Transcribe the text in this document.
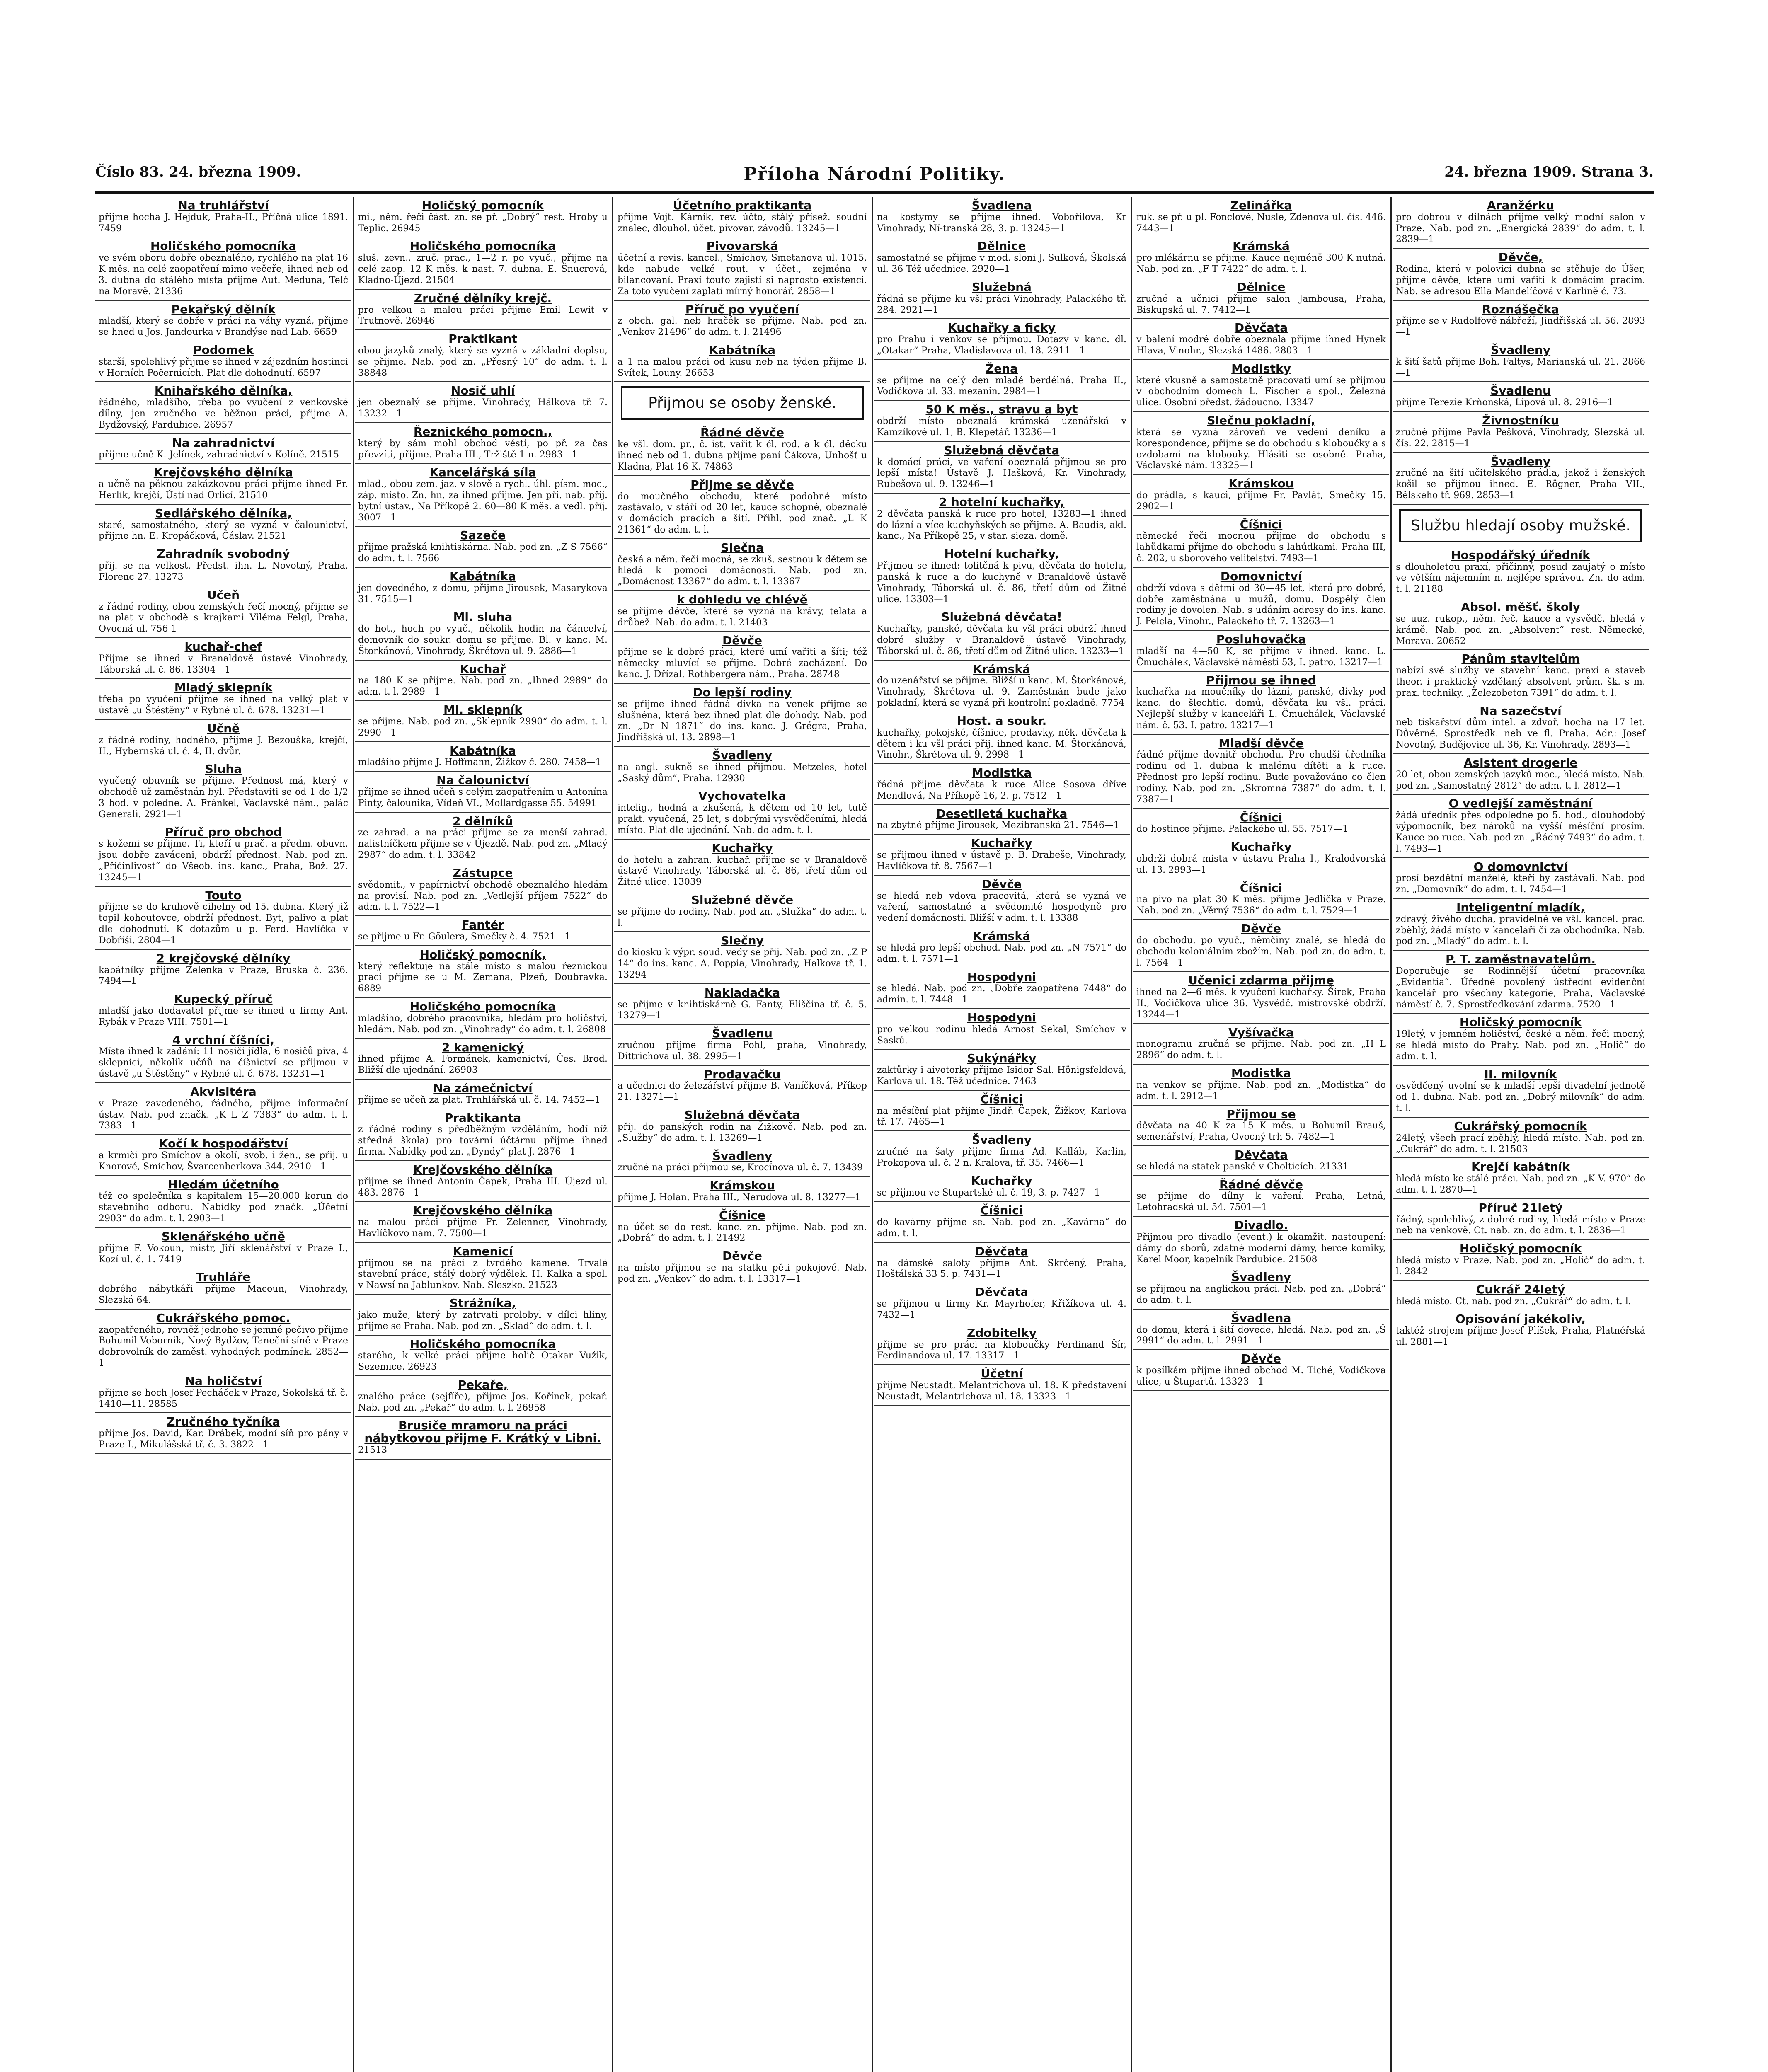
Číslo 83. 24. března 1909.	Příloha Národní Politiky.	24. března 1909. Strana 3.
Na truhlářství
přijme hocha J. Hejduk, Praha-II., Příčná ulice 1891. 7459
Holičského pomocníka
ve svém oboru dobře obeznalého, rychlého na plat 16 K měs. na celé zaopatření mimo večeře, ihned neb od 3. dubna do stálého místa přijme Aut. Meduna, Telč na Moravě. 21336
Pekařský dělník
mladší, který se dobře v práci na váhy vyzná, přijme se hned u Jos. Jandourka v Brandýse nad Lab. 6659
Podomek
starší, spolehlivý přijme se ihned v zájezdním hostinci v Horních Počernicích. Plat dle dohodnutí. 6597
Knihařského dělníka,
řádného, mladšího, třeba po vyučení z venkovské dílny, jen zručného ve běžnou práci, přijme A. Bydžovský, Pardubice. 26957
Na zahradnictví
přijme učně K. Jelínek, zahradnictví v Kolíně. 21515
Krejčovského dělníka
a učně na pěknou zakázkovou práci přijme ihned Fr. Herlík, krejčí, Ústí nad Orlicí. 21510
Sedlářského dělníka,
staré, samostatného, který se vyzná v čalounictví, přijme hn. E. Kropáčková, Čáslav. 21521
Zahradník svobodný
přij. se na velkost. Předst. ihn. L. Novotný, Praha, Florenc 27. 13273
Učeň
z řádné rodiny, obou zemských řečí mocný, přijme se na plat v obchodě s krajkami Viléma Felgl, Praha, Ovocná ul. 756-1
kuchař-chef
Přijme se ihned v Branaldově ústavě Vinohrady, Táborská ul. č. 86. 13304—1
Mladý sklepník
třeba po vyučení přijme se ihned na velký plat v ústavě „u Štěstěny“ v Rybné ul. č. 678. 13231—1
Učně
z řádné rodiny, hodného, přijme J. Bezouška, krejčí, II., Hybernská ul. č. 4, II. dvůr.
Sluha
vyučený obuvník se přijme. Přednost má, který v obchodě už zaměstnán byl. Představiti se od 1 do 1/2 3 hod. v poledne. A. Fránkel, Václavské nám., palác Generali. 2921—1
Příruč pro obchod
s kožemi se přijme. Ti, kteří u prač. a předm. obuvn. jsou dobře zaváceni, obdrží přednost. Nab. pod zn. „Příčinlivost“ do Všeob. ins. kanc., Praha, Bož. 27. 13245—1
Touto
přijme se do kruhově cihelny od 15. dubna. Který již topil kohoutovce, obdrží přednost. Byt, palivo a plat dle dohodnutí. K dotazům u p. Ferd. Havlíčka v Dobříši. 2804—1
2 krejčovské dělníky
kabátníky přijme Zelenka v Praze, Bruska č. 236. 7494—1
Kupecký příruč
mladší jako dodavatel přijme se ihned u firmy Ant. Rybák v Praze VIII. 7501—1
4 vrchní číšníci,
Místa ihned k zadání: 11 nosiči jídla, 6 nosičů piva, 4 sklepníci, několik učňů na číšnictví se přijmou v ústavě „u Štěstěny“ v Rybné ul. č. 678. 13231—1
Akvisitéra
v Praze zavedeného, řádného, přijme informační ústav. Nab. pod značk. „K L Z 7383“ do adm. t. l. 7383—1
Kočí k hospodářství
a krmiči pro Smíchov a okolí, svob. i žen., se přij. u Knorové, Smíchov, Švarcenberkova 344. 2910—1
Hledám účetního
též co společníka s kapitalem 15—20.000 korun do stavebního odboru. Nabídky pod značk. „Účetní 2903“ do adm. t. l. 2903—1
Sklenářského učně
přijme F. Vokoun, mistr, Jiří sklenářství v Praze I., Kozí ul. č. 1. 7419
Truhláře
dobrého nábytkáři přijme Macoun, Vinohrady, Slezská 64.
Cukrářského pomoc.
zaopatřeného, rovněž jednoho se jemné pečivo přijme Bohumil Vobornik, Nový Bydžov, Taneční síně v Praze dobrovolník do zaměst. vyhodných podmínek. 2852—1
Na holičství
přijme se hoch Josef Pecháček v Praze, Sokolská tř. č. 1410—11. 28585
Zručného tyčníka
přijme Jos. David, Kar. Drábek, modní síň pro pány v Praze I., Mikulášská tř. č. 3. 3822—1
Holičský pomocník
mi., něm. řeči část. zn. se př. „Dobrý“ rest. Hroby u Teplic. 26945
Holičského pomocníka
sluš. zevn., zruč. prac., 1—2 r. po vyuč., přijme na celé zaop. 12 K měs. k nast. 7. dubna. E. Šnucrová, Kladno-Újezd. 21504
Zručné dělníky krejč.
pro velkou a malou práci přijme Emil Lewit v Trutnově. 26946
Praktikant
obou jazyků znalý, který se vyzná v základní doplsu, se přijme. Nab. pod zn. „Přesný 10“ do adm. t. l. 38848
Nosič uhlí
jen obeznalý se přijme. Vinohrady, Hálkova tř. 7. 13232—1
Řeznického pomocn.,
který by sám mohl obchod vésti, po př. za čas převzíti, přijme. Praha III., Tržiště 1 n. 2983—1
Kancelářská síla
mlad., obou zem. jaz. v slově a rychl. úhl. písm. moc., záp. místo. Zn. hn. za ihned přijme. Jen při. nab. přij. bytní ústav., Na Příkopě 2. 60—80 K měs. a vedl. příj. 3007—1
Sazeče
přijme pražská knihtiskárna. Nab. pod zn. „Z S 7566“ do adm. t. l. 7566
Kabátníka
jen dovedného, z domu, přijme Jirousek, Masarykova 31. 7515—1
Ml. sluha
do hot., hoch po vyuč., několik hodin na čáncelví, domovník do soukr. domu se přijme. Bl. v kanc. M. Štorkánová, Vinohrady, Škrétova ul. 9. 2886—1
Kuchař
na 180 K se přijme. Nab. pod zn. „Ihned 2989“ do adm. t. l. 2989—1
Ml. sklepník
se přijme. Nab. pod zn. „Sklepník 2990“ do adm. t. l. 2990—1
Kabátníka
mladšího přijme J. Hoffmann, Žižkov č. 280. 7458—1
Na čalounictví
přijme se ihned učeň s celým zaopatřením u Antonína Pinty, čalounika, Vídeň VI., Mollardgasse 55. 54991
2 dělníků
ze zahrad. a na práci přijme se za menší zahrad. nalistníčkem přijme se v Újezdě. Nab. pod zn. „Mladý 2987“ do adm. t. l. 33842
Zástupce
svědomit., v papírnictví obchodě obeznalého hledám na provisí. Nab. pod zn. „Vedlejší příjem 7522“ do adm. t. l. 7522—1
Fantér
se přijme u Fr. Göulera, Smečky č. 4. 7521—1
Holičský pomocník,
který reflektuje na stále místo s malou řeznickou prací přijme se u M. Zemana, Plzeň, Doubravka. 6889
Holičského pomocníka
mladšího, dobrého pracovníka, hledám pro holičství, hledám. Nab. pod zn. „Vinohrady“ do adm. t. l. 26808
2 kamenický
ihned přijme A. Formánek, kamenictví, Čes. Brod. Bližší dle ujednání. 26903
Na zámečnictví
přijme se učeň za plat. Trnhlářská ul. č. 14. 7452—1
Praktikanta
z řádné rodiny s předběžným vzděláním, hodí níž středná škola) pro tovární účtárnu přijme ihned firma. Nabídky pod zn. „Dyndy“ plat J. 2876—1
Krejčovského dělníka
přijme se ihned Antonín Čapek, Praha III. Újezd ul. 483. 2876—1
Krejčovského dělníka
na malou práci přijme Fr. Zelenner, Vinohrady, Havlíčkovo nám. 7. 7500—1
Kamenicí
přijmou se na práci z tvrdého kamene. Trvalé stavební práce, stálý dobrý výdělek. H. Kalka a spol. v Nawsí na Jablunkov. Nab. Sleszko. 21523
Strážníka,
jako muže, který by zatrvati prolobyl v dílci hliny, přijme se Praha. Nab. pod zn. „Sklad“ do adm. t. l.
Holičského pomocníka
starého, k velké práci přijme holič Otakar Vužik, Sezemice. 26923
Pekaře,
znalého práce (sejfíře), přijme Jos. Kořínek, pekař. Nab. pod zn. „Pekař“ do adm. t. l. 26958
Brusiče mramoru na práci nábytkovou přijme F. Krátký v Libni.
21513
Účetního praktikanta
přijme Vojt. Kárník, rev. účto, stálý přísež. soudní znalec, dlouhol. účet. pivovar. závodů. 13245—1
Pivovarská
účetní a revis. kancel., Smíchov, Smetanova ul. 1015, kde nabude velké rout. v účet., zejména v bilancování. Praxí touto zajistí si naprosto existenci. Za toto vyučení zaplatí mírný honorář. 2858—1
Příruč po vyučení
z obch. gal. neb hračék se přijme. Nab. pod zn. „Venkov 21496“ do adm. t. l. 21496
Kabátníka
a 1 na malou práci od kusu neb na týden přijme B. Svítek, Louny. 26653
Přijmou se osoby ženské.
Řádné děvče
ke všl. dom. pr., č. ist. vařit k čl. rod. a k čl. děcku ihned neb od 1. dubna přijme paní Čákova, Unhošť u Kladna, Plat 16 K. 74863
Přijme se děvče
do moučného obchodu, které podobné místo zastávalo, v stáří od 20 let, kauce schopné, obeznalé v domácích pracích a šití. Přihl. pod znač. „L K 21361“ do adm. t. l.
Slečna
česká a něm. řeči mocná, se zkuš. sestnou k dětem se hledá k pomoci domácnosti. Nab. pod zn. „Domácnost 13367“ do adm. t. l. 13367
k dohledu ve chlévě
se přijme děvče, které se vyzná na krávy, telata a drůbež. Nab. do adm. t. l. 21403
Děvče
přijme se k dobré práci, které umí vařiti a šíti; též německy mluvící se přijme. Dobré zacházení. Do kanc. J. Dřízal, Rothbergera nám., Praha. 28748
Do lepší rodiny
se přijme ihned řádná dívka na venek přijme se slušnéna, která bez ihned plat dle dohody. Nab. pod zn. „Dr N 1871“ do ins. kanc. J. Grégra, Praha, Jindřišská ul. 13. 2898—1
Švadleny
na angl. sukně se ihned přijmou. Metzeles, hotel „Saský dům“, Praha. 12930
Vychovatelka
intelig., hodná a zkušená, k dětem od 10 let, tutě prakt. vyučená, 25 let, s dobrými vysvědčeními, hledá místo. Plat dle ujednání. Nab. do adm. t. l.
Kuchařky
do hotelu a zahran. kuchař. přijme se v Branaldově ústavě Vinohrady, Táborská ul. č. 86, třetí dům od Žitné ulice. 13039
Služebné děvče
se přijme do rodiny. Nab. pod zn. „Služka“ do adm. t. l.
Slečny
do kiosku k výpr. soud. vedy se přij. Nab. pod zn. „Z P 14“ do ins. kanc. A. Poppia, Vinohrady, Halkova tř. 1. 13294
Nakladačka
se přijme v knihtiskárně G. Fanty, Eliščina tř. č. 5. 13279—1
Švadlenu
zručnou přijme firma Pohl, praha, Vinohrady, Dittrichova ul. 38. 2995—1
Prodavačku
a učednici do železářství přijme B. Vaníčková, Příkop 21. 13271—1
Služebná děvčata
přij. do panských rodin na Žižkově. Nab. pod zn. „Služby“ do adm. t. l. 13269—1
Švadleny
zručné na práci přijmou se, Krocínova ul. č. 7. 13439
Krámskou
přijme J. Holan, Praha III., Nerudova ul. 8. 13277—1
Číšnice
na účet se do rest. kanc. zn. přijme. Nab. pod zn. „Dobrá“ do adm. t. l. 21492
Děvče
na místo přijmou se na statku pěti pokojové. Nab. pod zn. „Venkov“ do adm. t. l. 13317—1
Švadlena
na kostymy se přijme ihned. Vobořilova, Kr Vinohrady, Ní-transká 28, 3. p. 13245—1
Dělnice
samostatné se přijme v mod. sloni J. Sulková, Školská ul. 36 Též učednice. 2920—1
Služebná
řádná se přijme ku všl práci Vinohrady, Palackého tř. 284. 2921—1
Kuchařky a ficky
pro Prahu i venkov se přijmou. Dotazy v kanc. dl. „Otakar“ Praha, Vladislavova ul. 18. 2911—1
Žena
se přijme na celý den mladé berdélná. Praha II., Vodičkova ul. 33, mezanin. 2984—1
50 K měs., stravu a byt
obdrží místo obeznalá krámská uzenářská v Kamzíkové ul. 1, B. Klepetář. 13236—1
Služebná děvčata
k domácí práci, ve vaření obeznalá přijmou se pro lepší místa! Ústavě J. Hašková, Kr. Vinohrady, Rubešova ul. 9. 13246—1
2 hotelní kuchařky,
2 děvčata panská k ruce pro hotel, 13283—1 ihned do lázní a více kuchyňských se přijme. A. Baudis, akl. kanc., Na Příkopě 25, v star. sieza. domě.
Hotelní kuchařky,
Přijmou se ihned: tolitčná k pivu, děvčata do hotelu, panská k ruce a do kuchyně v Branaldově ústavě Vinohrady, Táborská ul. č. 86, třetí dům od Žitné ulice. 13303—1
Služebná děvčata!
Kuchařky, panské, děvčata ku všl práci obdrží ihned dobré služby v Branaldově ústavě Vinohrady, Táborská ul. č. 86, třetí dům od Žitné ulice. 13233—1
Krámská
do uzenářství se přijme. Bližší u kanc. M. Štorkánové, Vinohrady, Škrétova ul. 9. Zaměstnán bude jako pokladní, která se vyzná při kontrolní pokladně. 7754
Host. a soukr.
kuchařky, pokojské, číšnice, prodavky, něk. děvčata k dětem i ku všl práci přij. ihned kanc. M. Štorkánová, Vinohr., Škrétova ul. 9. 2998—1
Modistka
řádná přijme děvčata k ruce Alice Sosova dříve Mendlová, Na Příkopě 16, 2. p. 7512—1
Desetiletá kuchařka
na zbytné přijme Jirousek, Mezibranská 21. 7546—1
Kuchařky
se přijmou ihned v ústavě p. B. Drabeše, Vinohrady, Havlíčkova tř. 8. 7567—1
Děvče
se hledá neb vdova pracovitá, která se vyzná ve vaření, samostatné a svědomité hospodyně pro vedení domácnosti. Bližší v adm. t. l. 13388
Krámská
se hledá pro lepší obchod. Nab. pod zn. „N 7571“ do adm. t. l. 7571—1
Hospodyni
se hledá. Nab. pod zn. „Dobře zaopatřena 7448“ do admin. t. l. 7448—1
Hospodyni
pro velkou rodinu hledá Arnost Sekal, Smíchov v Saskú.
Sukýnářky
zaktůrky i aivotorky přijme Isidor Sal. Hönigsfeldová, Karlova ul. 18. Též učednice. 7463
Číšnici
na měsíční plat přijme Jindř. Čapek, Žižkov, Karlova tř. 17. 7465—1
Švadleny
zručné na šaty přijme firma Ad. Kalláb, Karlín, Prokopova ul. č. 2 n. Kralova, tř. 35. 7466—1
Kuchařky
se přijmou ve Stupartské ul. č. 19, 3. p. 7427—1
Číšnici
do kavárny přijme se. Nab. pod zn. „Kavárna“ do adm. t. l.
Děvčata
na dámské saloty přijme Ant. Skrčený, Praha, Hoštálská 33 5. p. 7431—1
Děvčata
se přijmou u firmy Kr. Mayrhofer, Křižíkova ul. 4. 7432—1
Zdobitelky
přijme se pro práci na kloboučky Ferdinand Šír, Ferdinandova ul. 17. 13317—1
Účetní
přijme Neustadt, Melantrichova ul. 18. K představení Neustadt, Melantrichova ul. 18. 13323—1
Zelinářka
ruk. se př. u pl. Fonclové, Nusle, Zdenova ul. čís. 446. 7443—1
Krámská
pro mlékárnu se přijme. Kauce nejméně 300 K nutná. Nab. pod zn. „F T 7422“ do adm. t. l.
Dělnice
zručné a učnici přijme salon Jambousa, Praha, Biskupská ul. 7. 7412—1
Děvčata
v balení modré dobře obeznalá přijme ihned Hynek Hlava, Vinohr., Slezská 1486. 2803—1
Modistky
které vkusně a samostatně pracovati umí se přijmou v obchodním domech L. Fischer a spol., Železná ulice. Osobní předst. žádoucno. 13347
Slečnu pokladní,
která se vyzná zároveň ve vedení deníku a korespondence, přijme se do obchodu s kloboučky a s ozdobami na klobouky. Hlásiti se osobně. Praha, Václavské nám. 13325—1
Krámskou
do prádla, s kauci, přijme Fr. Pavlát, Smečky 15. 2902—1
Číšnici
německé řeči mocnou přijme do obchodu s lahůdkami přijme do obchodu s lahůdkami. Praha III, č. 202, u sborového velitelství. 7493—1
Domovnictví
obdrží vdova s dětmi od 30—45 let, která pro dobré, dobře zaměstnána u mužů, domu. Dospělý člen rodiny je dovolen. Nab. s udáním adresy do ins. kanc. J. Pelcla, Vinohr., Palackého tř. 7. 13263—1
Posluhovačka
mladší na 4—50 K, se přijme v ihned. kanc. L. Čmuchálek, Václavské náměstí 53, I. patro. 13217—1
Přijmou se ihned
kuchařka na moučníky do lázní, panské, dívky pod kanc. do šlechtic. domů, děvčata ku všl. práci. Nejlepší služby v kanceláři L. Čmuchálek, Václavské nám. č. 53. I. patro. 13217—1
Mladší děvče
řádné přijme dovnitř obchodu. Pro chudší úředníka rodinu od 1. dubna k malému dítěti a k ruce. Přednost pro lepší rodinu. Bude považováno co člen rodiny. Nab. pod zn. „Skromná 7387“ do adm. t. l. 7387—1
Číšnici
do hostince přijme. Palackého ul. 55. 7517—1
Kuchařky
obdrží dobrá místa v ústavu Praha I., Kralodvorská ul. 13. 2993—1
Číšnici
na pivo na plat 30 K měs. přijme Jedlička v Praze. Nab. pod zn. „Věrný 7536“ do adm. t. l. 7529—1
Děvče
do obchodu, po vyuč., němčiny znalé, se hledá do obchodu koloniálním zbožím. Nab. pod zn. do adm. t. l. 7564—1
Učenici zdarma přijme
ihned na 2—6 měs. k vyučení kuchařky. Šírek, Praha II., Vodičkova ulice 36. Vysvědč. mistrovské obdrží. 13244—1
Vyšívačka
monogramu zručná se přijme. Nab. pod zn. „H L 2896“ do adm. t. l.
Modistka
na venkov se přijme. Nab. pod zn. „Modistka“ do adm. t. l. 2912—1
Přijmou se
děvčata na 40 K za 15 K měs. u Bohumil Brauš, semenářství, Praha, Ovocný trh 5. 7482—1
Děvčata
se hledá na statek panské v Cholticích. 21331
Řádné děvče
se přijme do dílny k vaření. Praha, Letná, Letohradská ul. 54. 7501—1
Divadlo.
Přijmou pro divadlo (event.) k okamžit. nastoupení: dámy do sborů, zdatné moderní dámy, herce komiky, Karel Moor, kapelník Pardubice. 21508
Švadleny
se přijmou na anglickou práci. Nab. pod zn. „Dobrá“ do adm. t. l.
Švadlena
do domu, která i šití dovede, hledá. Nab. pod zn. „Š 2991“ do adm. t. l. 2991—1
Děvče
k posílkám přijme ihned obchod M. Tiché, Vodičkova ulice, u Štupartů. 13323—1
Aranžérku
pro dobrou v dílnách přijme velký modní salon v Praze. Nab. pod zn. „Energická 2839“ do adm. t. l. 2839—1
Děvče,
Rodina, která v polovici dubna se stěhuje do Úšer, přijme děvče, které umí vařiti k domácím pracím. Nab. se adresou Ella Mandelíčová v Karlíně č. 73.
Roznášečka
přijme se v Rudolfově nábřeží, Jindřišská ul. 56. 2893—1
Švadleny
k šití šatů přijme Boh. Faltys, Marianská ul. 21. 2866—1
Švadlenu
přijme Terezie Krňonská, Lipová ul. 8. 2916—1
Živnostníku
zručné přijme Pavla Pešková, Vinohrady, Slezská ul. čís. 22. 2815—1
Švadleny
zručné na šití učitelského prádla, jakož i ženských košil se přijmou ihned. E. Rögner, Praha VII., Bělského tř. 969. 2853—1
Službu hledají osoby mužské.
Hospodářský úředník
s dlouholetou praxí, přičinný, posud zaujatý o místo ve větším nájemním n. nejlépe správou. Zn. do adm. t. l. 21188
Absol. měšť. školy
se uuz. rukop., něm. řeč, kauce a vysvědč. hledá v krámě. Nab. pod zn. „Absolvent“ rest. Německé, Morava. 20652
Pánům stavitelům
nabízí své služby ve stavební kanc. praxi a staveb theor. i praktický vzdělaný absolvent prům. šk. s m. prax. techniky. „Železobeton 7391“ do adm. t. l.
Na sazečství
neb tiskařství dům intel. a zdvoř. hocha na 17 let. Důvěrné. Sprostředk. neb ve fl. Praha. Adr.: Josef Novotný, Budějovice ul. 36, Kr. Vinohrady. 2893—1
Asistent drogerie
20 let, obou zemských jazyků moc., hledá místo. Nab. pod zn. „Samostatný 2812“ do adm. t. l. 2812—1
O vedlejší zaměstnání
žádá úředník přes odpoledne po 5. hod., dlouhodobý výpomocník, bez nároků na vyšší měsíční prosím. Kauce po ruce. Nab. pod zn. „Řádný 7493“ do adm. t. l. 7493—1
O domovnictví
prosí bezdětní manželé, kteří by zastávali. Nab. pod zn. „Domovník“ do adm. t. l. 7454—1
Inteligentní mladík,
zdravý, živého ducha, pravidelně ve všl. kancel. prac. zběhlý, žádá místo v kanceláři či za obchodníka. Nab. pod zn. „Mladý“ do adm. t. l.
P. T. zaměstnavatelům.
Doporučuje se Rodinnější účetní pracovníka „Evidentia“. Úředně povolený ústřední evidenční kancelář pro všechny kategorie, Praha, Václavské náměstí č. 7. Sprostředkování zdarma. 7520—1
Holičský pomocník
19letý, v jemném holičství, české a něm. řeči mocný, se hledá místo do Prahy. Nab. pod zn. „Holič“ do adm. t. l.
II. milovník
osvědčený uvolní se k mladší lepší divadelní jednotě od 1. dubna. Nab. pod zn. „Dobrý milovník“ do adm. t. l.
Cukrářský pomocník
24letý, všech prací zběhlý, hledá místo. Nab. pod zn. „Cukrář“ do adm. t. l. 21503
Krejčí kabátník
hledá místo ke stálé práci. Nab. pod zn. „K V. 970“ do adm. t. l. 2870—1
Příruč 21letý
řádný, spolehlivý, z dobré rodiny, hledá místo v Praze neb na venkově. Ct. nab. zn. do adm. t. l. 2836—1
Holičský pomocník
hledá místo v Praze. Nab. pod zn. „Holič“ do adm. t. l. 2842
Cukrář 24letý
hledá místo. Ct. nab. pod zn. „Cukrář“ do adm. t. l.
Opisování jakékoliv,
taktéž strojem přijme Josef Plíšek, Praha, Platnéřská ul. 2881—1
